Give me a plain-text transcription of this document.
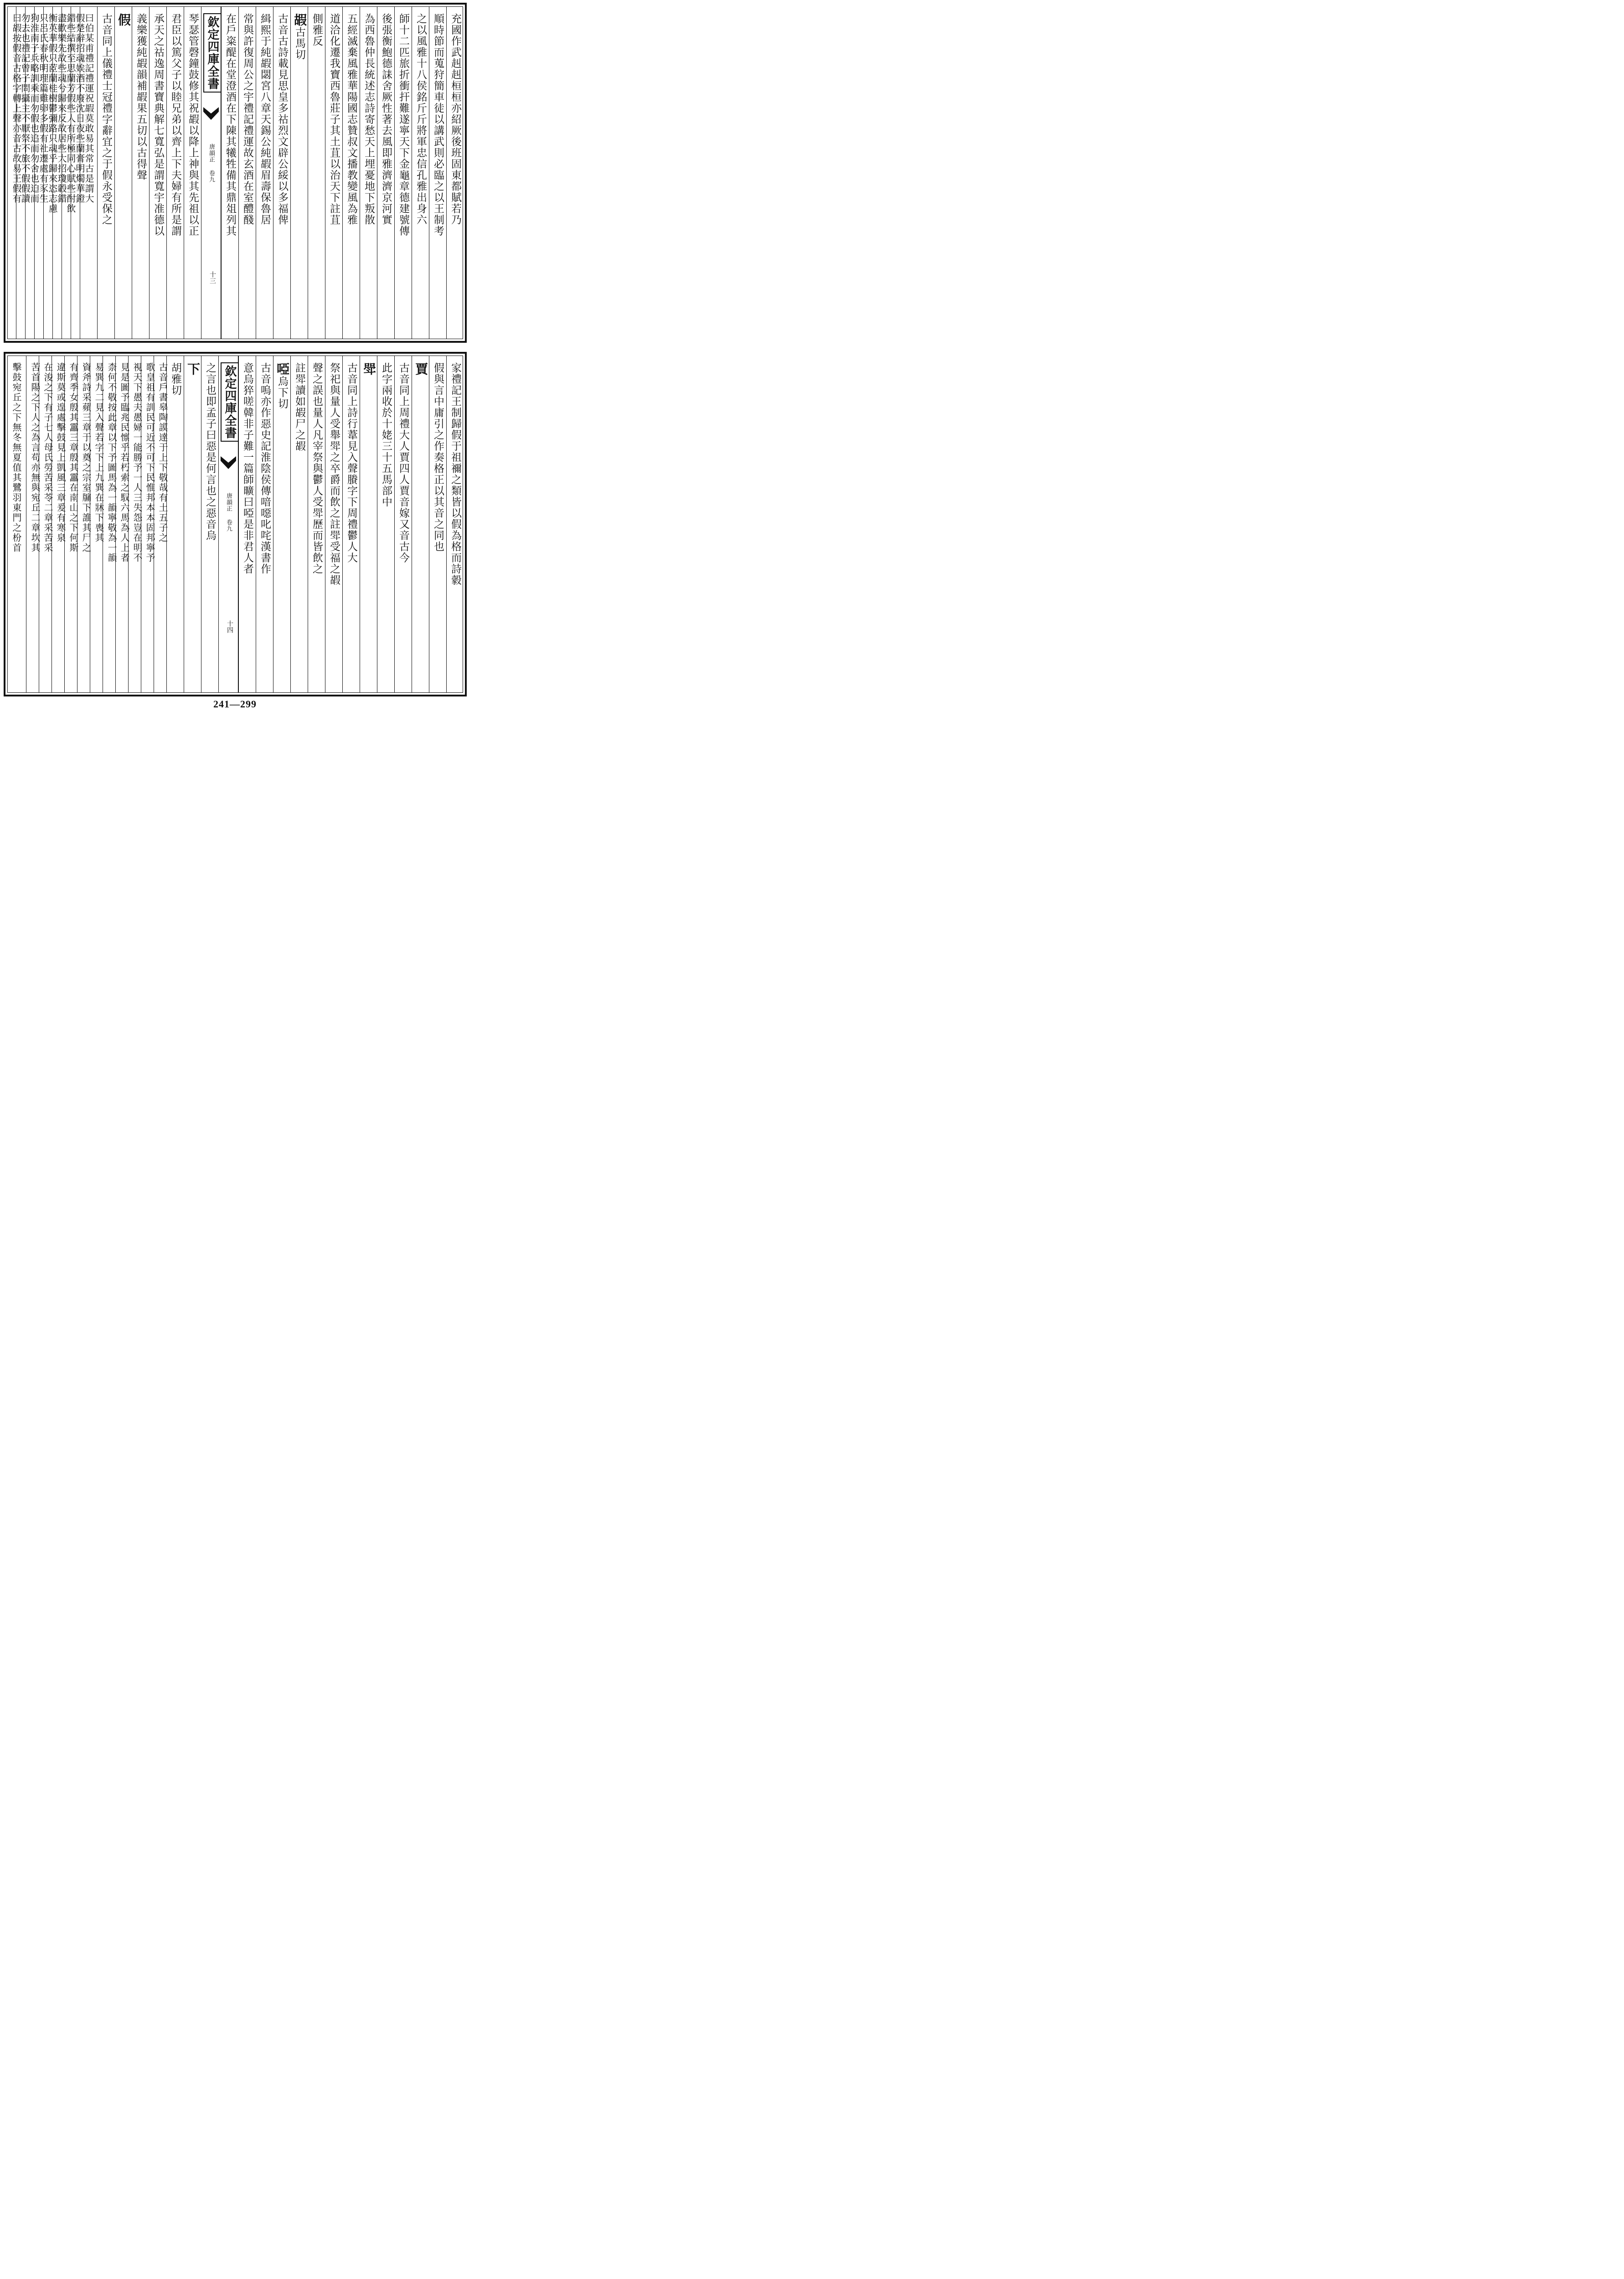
充國作武赳赳桓桓亦紹厥後班固東都賦若乃
順時節而蒐狩簡車徒以講武則必臨之以王制考
之以風雅十八侯銘斤斤將軍忠信孔雅出身六
師十二匹旅折衝扞難遂寧天下金龜章德建號傳
後張衡鮑德誄舍厥性著去風即雅濟濟京河實
為西魯仲長統述志詩寄愁天上埋憂地下叛散
五經滅棄風雅華陽國志贊叔文播教變風為雅
道洽化遷我寶西魯莊子其土苴以治天下註苴
側雅反
嘏古馬切
古音古詩載見思皇多祜烈文辟公綏以多福俾
緝熙于純嘏閟宮八章天錫公純嘏眉壽保魯居
常與許復周公之宇禮記禮運故玄酒在室醴醆
在戶粢醍在堂澄酒在下陳其犧牲備其鼎俎列其
欽定四庫全書
唐韻正 卷九
十三
琴瑟管磬鐘鼓修其祝嘏以降上神與其先祖以正
君臣以篤父子以睦兄弟以齊上下夫婦有所是謂
承天之祜逸周書寶典解七寬弘是謂寬宇准德以
義樂獲純嘏韻補嘏果五切以古得聲
假
古音同上儀禮士冠禮字辭宜之于假永受保之
曰伯某甫禮記禮運祝嘏莫敢易其常古是謂大
假楚辭招魂娭酒不廢沈日夜些蘭膏明燭華鐙
錯些結撰至思蘭芳假些人有所極同心賦些酎飲
盡歡樂先故些魂兮歸來反故居些大招瓊轂錯
衡英華假只茝蘭桂樹鬱彌路只魂乎歸來恣志慮
只呂氏春秋明理篇雞卵多假有社遷處有豕生
狗淮南子兵略訓乘而勿假也追而勿舍也迫而
勿去也禮記曾子問攝主不厭祭不旅不假假讀
曰嘏按假音古格字轉上聲亦音古故易王假有
家禮記王制歸假于祖禰之類皆以假為格而詩豰
假與言中庸引之作奏格正以其音之同也
賈
古音同上周禮大人賈四人賈音嫁又音古今
此字兩收於十姥三十五馬部中
斝
古音同上詩行葦見入聲賸字下周禮鬱人大
祭祀與量人受舉斝之卒爵而飲之註斝受福之嘏
聲之誤也量人凡宰祭與鬱人受斝歷而皆飲之
註斝讀如嘏尸之嘏
啞烏下切
古音嗚亦作惡史記淮陰侯傳喑噁叱咤漢書作
意烏猝嗟韓非子難一篇師曠曰啞是非君人者
欽定四庫全書
唐韻正 卷九
十四
之言也即孟子曰惡是何言也之惡音烏
下
胡雅切
古音戶書皋陶謨達于上下敬哉有土五子之
歌皇祖有訓民可近不可下民惟邦本本固邦寧予
視天下愚夫愚婦一能勝予一人三失怨豈在明不
見是圖予臨兆民懔乎若朽索之馭六馬為人上者
柰何不敬按此章以下予圖馬為一韻寧敬為一韻
易巽九二見入聲若字下上九巽在牀下喪其
資斧詩采蘋三章于以奠之宗室牖下誰其尸之
有齊季女殷其靁三章殷其靁在南山之下何斯
違斯莫或遑處擊鼓見上凱風三章爰有寒泉
在浚之下有子七人母氏勞苦采苓二章采苦采
苦首陽之下人之為言苟亦無與宛丘二章坎其
擊鼓宛丘之下無冬無夏值其鷺羽東門之枌首
241—299
